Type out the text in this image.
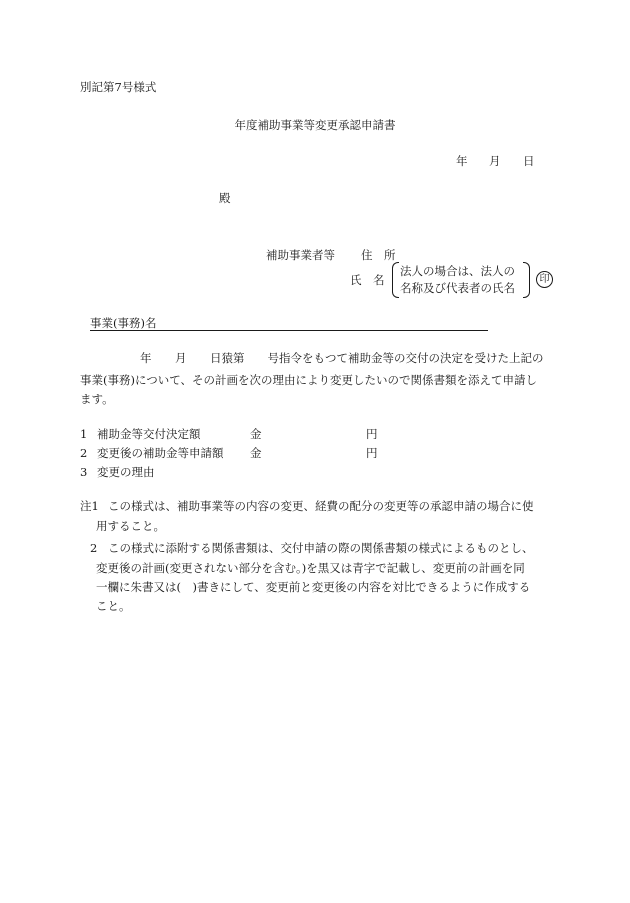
別記第7号様式
年度補助事業等変更承認申請書
年 月 日
殿
補助事業者等 住　所
氏　名
法人の場合は、法人の
名称及び代表者の氏名
印
事業(事務)名
年 月 日猿第　　号指令をもつて補助金等の交付の決定を受けた上記の
事業(事務)について、その計画を次の理由により変更したいので関係書類を添えて申請し
ます。
1 補助金等交付決定額	金	円
2 変更後の補助金等申請額 金	円
3 変更の理由
注1 この様式は、補助事業等の内容の変更、経費の配分の変更等の承認申請の場合に使
用すること。
2 この様式に添附する関係書類は、交付申請の際の関係書類の様式によるものとし、
変更後の計画(変更されない部分を含む。)を黒又は青字で記載し、変更前の計画を同
一欄に朱書又は(　)書きにして、変更前と変更後の内容を対比できるように作成する
こと。
